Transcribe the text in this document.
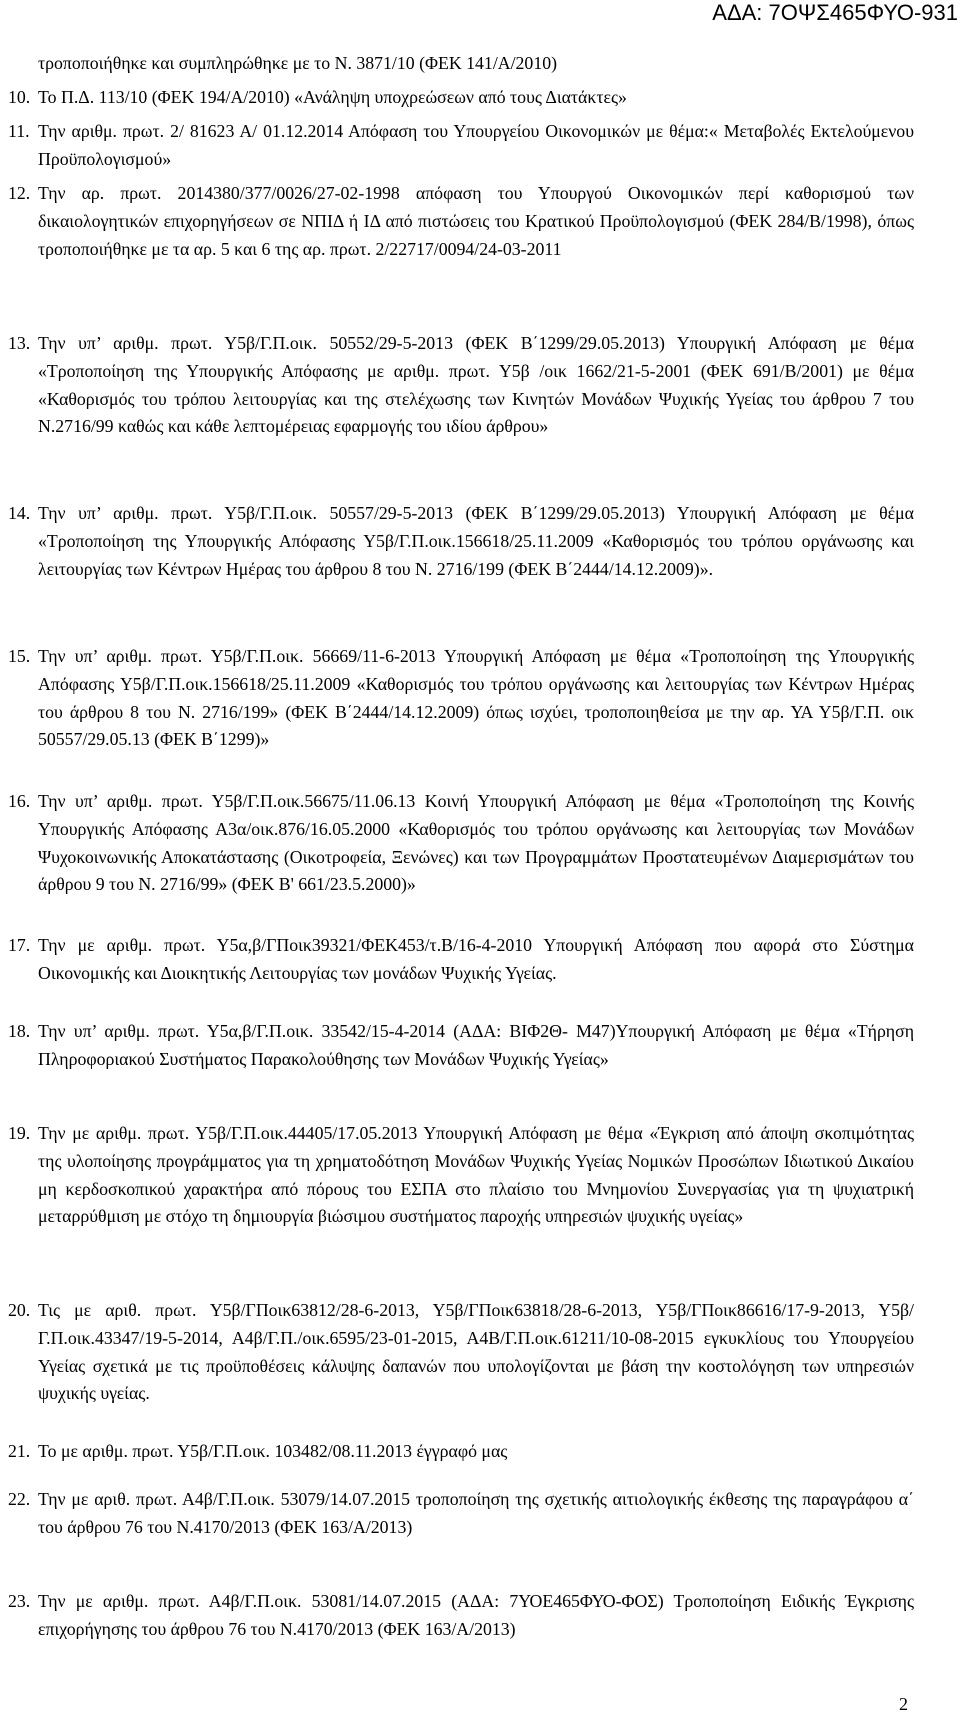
ΑΔΑ: 7ΟΨΣ465ΦΥΟ-931
τροποποιήθηκε και συμπληρώθηκε με το Ν. 3871/10 (ΦΕΚ 141/Α/2010)
10. Το Π.Δ. 113/10 (ΦΕΚ 194/Α/2010) «Ανάληψη υποχρεώσεων από τους Διατάκτες»
11. Την αριθμ. πρωτ. 2/ 81623 Α/ 01.12.2014 Απόφαση του Υπουργείου Οικονομικών με θέμα:« Μεταβολές Εκτελούμενου Προϋπολογισμού»
12. Την αρ. πρωτ. 2014380/377/0026/27-02-1998 απόφαση του Υπουργού Οικονομικών περί καθορισμού των δικαιολογητικών επιχορηγήσεων σε ΝΠΙΔ ή ΙΔ από πιστώσεις του Κρατικού Προϋπολογισμού (ΦΕΚ 284/Β/1998), όπως τροποποιήθηκε με τα αρ. 5 και 6 της αρ. πρωτ. 2/22717/0094/24-03-2011
13. Την υπ’ αριθμ. πρωτ. Υ5β/Γ.Π.οικ. 50552/29-5-2013 (ΦΕΚ Β΄1299/29.05.2013) Υπουργική Απόφαση με θέμα «Τροποποίηση της Υπουργικής Απόφασης με αριθμ. πρωτ. Υ5β /οικ 1662/21-5-2001 (ΦΕΚ 691/Β/2001) με θέμα «Καθορισμός του τρόπου λειτουργίας και της στελέχωσης των Κινητών Μονάδων Ψυχικής Υγείας του άρθρου 7 του Ν.2716/99 καθώς και κάθε λεπτομέρειας εφαρμογής του ιδίου άρθρου»
14. Την υπ’ αριθμ. πρωτ. Υ5β/Γ.Π.οικ. 50557/29-5-2013 (ΦΕΚ Β΄1299/29.05.2013) Υπουργική Απόφαση με θέμα «Τροποποίηση της Υπουργικής Απόφασης Υ5β/Γ.Π.οικ.156618/25.11.2009 «Καθορισμός του τρόπου οργάνωσης και λειτουργίας των Κέντρων Ημέρας του άρθρου 8 του Ν. 2716/199 (ΦΕΚ Β΄2444/14.12.2009)».
15. Την υπ’ αριθμ. πρωτ. Υ5β/Γ.Π.οικ. 56669/11-6-2013 Υπουργική Απόφαση με θέμα «Τροποποίηση της Υπουργικής Απόφασης Υ5β/Γ.Π.οικ.156618/25.11.2009 «Καθορισμός του τρόπου οργάνωσης και λειτουργίας των Κέντρων Ημέρας του άρθρου 8 του Ν. 2716/199» (ΦΕΚ Β΄2444/14.12.2009) όπως ισχύει, τροποποιηθείσα με την αρ. ΥΑ Υ5β/Γ.Π. οικ 50557/29.05.13 (ΦΕΚ Β΄1299)»
16. Την υπ’ αριθμ. πρωτ. Υ5β/Γ.Π.οικ.56675/11.06.13 Κοινή Υπουργική Απόφαση με θέμα «Τροποποίηση της Κοινής Υπουργικής Απόφασης Α3α/οικ.876/16.05.2000 «Καθορισμός του τρόπου οργάνωσης και λειτουργίας των Μονάδων Ψυχοκοινωνικής Αποκατάστασης (Οικοτροφεία, Ξενώνες) και των Προγραμμάτων Προστατευμένων Διαμερισμάτων του άρθρου 9 του Ν. 2716/99» (ΦΕΚ Β' 661/23.5.2000)»
17. Την με αριθμ. πρωτ. Υ5α,β/ΓΠοικ39321/ΦΕΚ453/τ.Β/16-4-2010 Υπουργική Απόφαση που αφορά στο Σύστημα Οικονομικής και Διοικητικής Λειτουργίας των μονάδων Ψυχικής Υγείας.
18. Την υπ’ αριθμ. πρωτ. Υ5α,β/Γ.Π.οικ. 33542/15-4-2014 (ΑΔΑ: ΒΙΦ2Θ- Μ47)Υπουργική Απόφαση με θέμα «Τήρηση Πληροφοριακού Συστήματος Παρακολούθησης των Μονάδων Ψυχικής Υγείας»
19. Την με αριθμ. πρωτ. Υ5β/Γ.Π.οικ.44405/17.05.2013 Υπουργική Απόφαση με θέμα «Έγκριση από άποψη σκοπιμότητας της υλοποίησης προγράμματος για τη χρηματοδότηση Μονάδων Ψυχικής Υγείας Νομικών Προσώπων Ιδιωτικού Δικαίου μη κερδοσκοπικού χαρακτήρα από πόρους του ΕΣΠΑ στο πλαίσιο του Μνημονίου Συνεργασίας για τη ψυχιατρική μεταρρύθμιση με στόχο τη δημιουργία βιώσιμου συστήματος παροχής υπηρεσιών ψυχικής υγείας»
20. Τις με αριθ. πρωτ. Υ5β/ΓΠοικ63812/28-6-2013, Υ5β/ΓΠοικ63818/28-6-2013, Υ5β/ΓΠοικ86616/17-9-2013, Υ5β/Γ.Π.οικ.43347/19-5-2014, Α4β/Γ.Π./οικ.6595/23-01-2015, Α4Β/Γ.Π.οικ.61211/10-08-2015 εγκυκλίους του Υπουργείου Υγείας σχετικά με τις προϋποθέσεις κάλυψης δαπανών που υπολογίζονται με βάση την κοστολόγηση των υπηρεσιών ψυχικής υγείας.
21. Το με αριθμ. πρωτ. Υ5β/Γ.Π.οικ. 103482/08.11.2013 έγγραφό μας
22. Την με αριθ. πρωτ. Α4β/Γ.Π.οικ. 53079/14.07.2015 τροποποίηση της σχετικής αιτιολογικής έκθεσης της παραγράφου α΄ του άρθρου 76 του Ν.4170/2013 (ΦΕΚ 163/Α/2013)
23. Την με αριθμ. πρωτ. Α4β/Γ.Π.οικ. 53081/14.07.2015 (ΑΔΑ: 7ΥΟΕ465ΦΥΟ-ΦΟΣ) Τροποποίηση Ειδικής Έγκρισης επιχορήγησης του άρθρου 76 του Ν.4170/2013 (ΦΕΚ 163/Α/2013)
2
